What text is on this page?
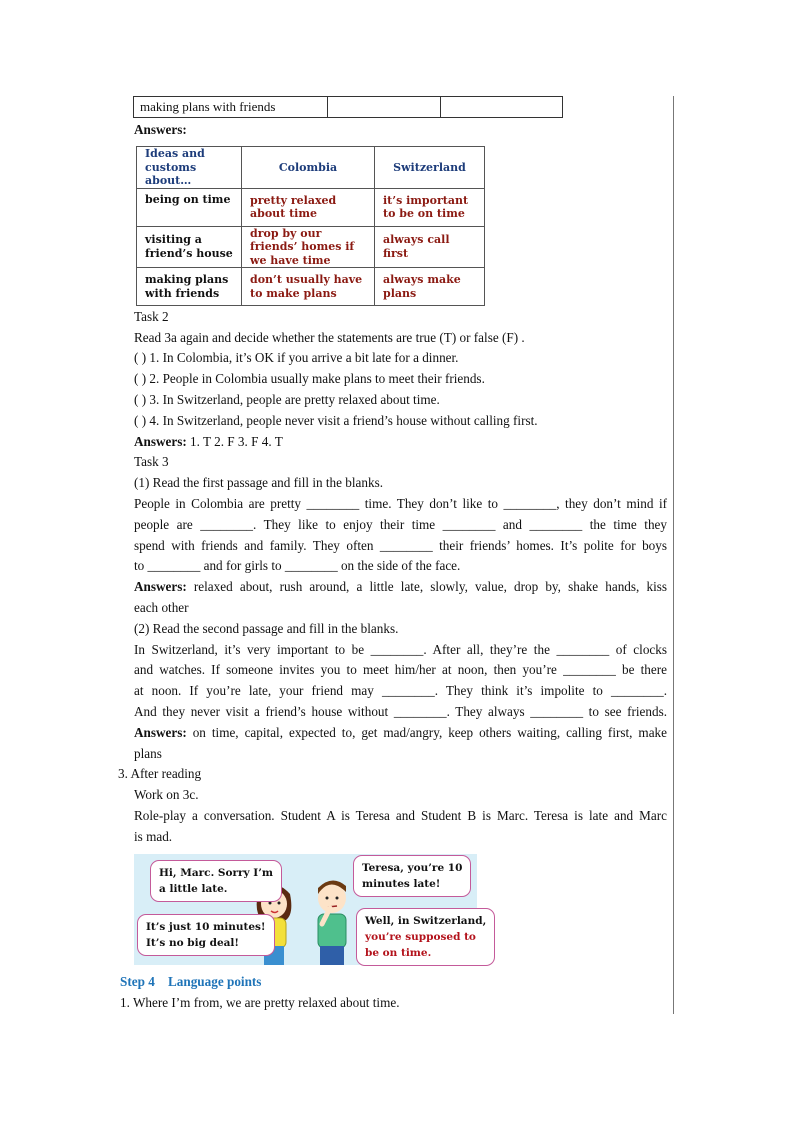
making plans with friends		
Answers:
Ideas and customs about…	Colombia	Switzerland
being on time	pretty relaxed about time	it’s important to be on time
visiting a friend’s house	drop by our friends’ homes if we have time	always call first
making plans with friends	don’t usually have to make plans	always make plans
Task 2
Read 3a again and decide whether the statements are true (T) or false (F) .
( ) 1. In Colombia, it’s OK if you arrive a bit late for a dinner.
( ) 2. People in Colombia usually make plans to meet their friends.
( ) 3. In Switzerland, people are pretty relaxed about time.
( ) 4. In Switzerland, people never visit a friend’s house without calling first.
Answers: 1. T 2. F 3. F 4. T
Task 3
(1) Read the first passage and fill in the blanks.
People in Colombia are pretty ________ time. They don’t like to ________, they don’t mind if
people are ________. They like to enjoy their time ________ and ________ the time they
spend with friends and family. They often ________ their friends’ homes. It’s polite for boys
to ________ and for girls to ________ on the side of the face.
Answers: relaxed about, rush around, a little late, slowly, value, drop by, shake hands, kiss
each other
(2) Read the second passage and fill in the blanks.
In Switzerland, it’s very important to be ________. After all, they’re the ________ of clocks
and watches. If someone invites you to meet him/her at noon, then you’re ________ be there
at noon. If you’re late, your friend may ________. They think it’s impolite to ________.
And they never visit a friend’s house without ________. They always ________ to see friends.
Answers: on time, capital, expected to, get mad/angry, keep others waiting, calling first, make
plans
3. After reading
Work on 3c.
Role-play a conversation. Student A is Teresa and Student B is Marc. Teresa is late and Marc
is mad.
Hi, Marc. Sorry I’m
a little late.
Teresa, you’re 10
minutes late!
It’s just 10 minutes!
It’s no big deal!
Well, in Switzerland,
you’re supposed to
be on time.
Step 4    Language points
1. Where I’m from, we are pretty relaxed about time.
